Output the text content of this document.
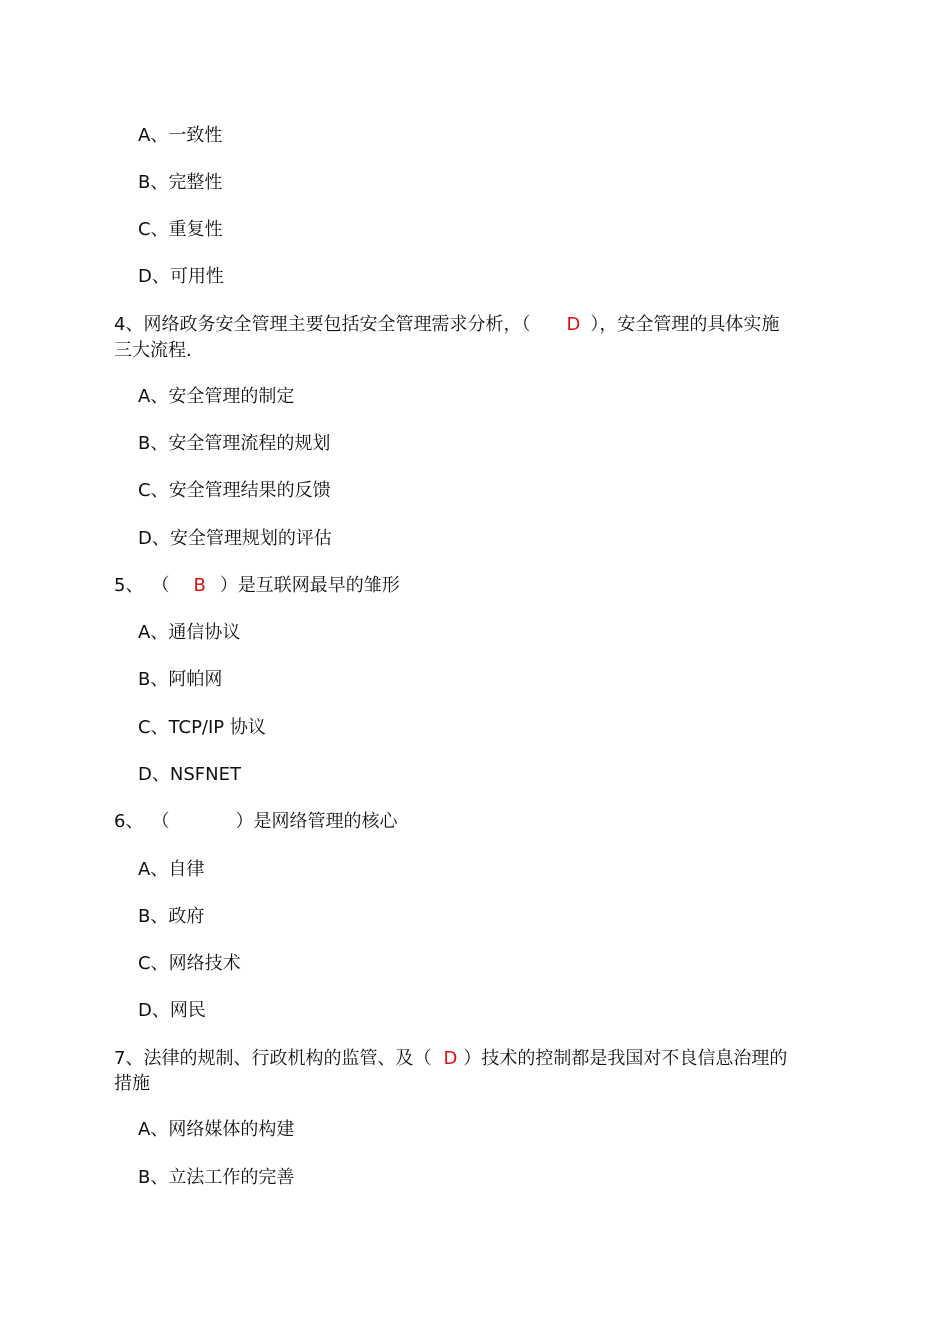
A、一致性
B、完整性
C、重复性
D、可用性
4、网络政务安全管理主要包括安全管理需求分析，（ D ），安全管理的具体实施
三大流程.
A、安全管理的制定
B、安全管理流程的规划
C、安全管理结果的反馈
D、安全管理规划的评估
5、 （ B ）是互联网最早的雏形
A、通信协议
B、阿帕网
C、TCP/IP 协议
D、NSFNET
6、 （	）是网络管理的核心
A、自律
B、政府
C、网络技术
D、网民
7、法律的规制、行政机构的监管、及（ D ）技术的控制都是我国对不良信息治理的
措施
A、网络媒体的构建
B、立法工作的完善
